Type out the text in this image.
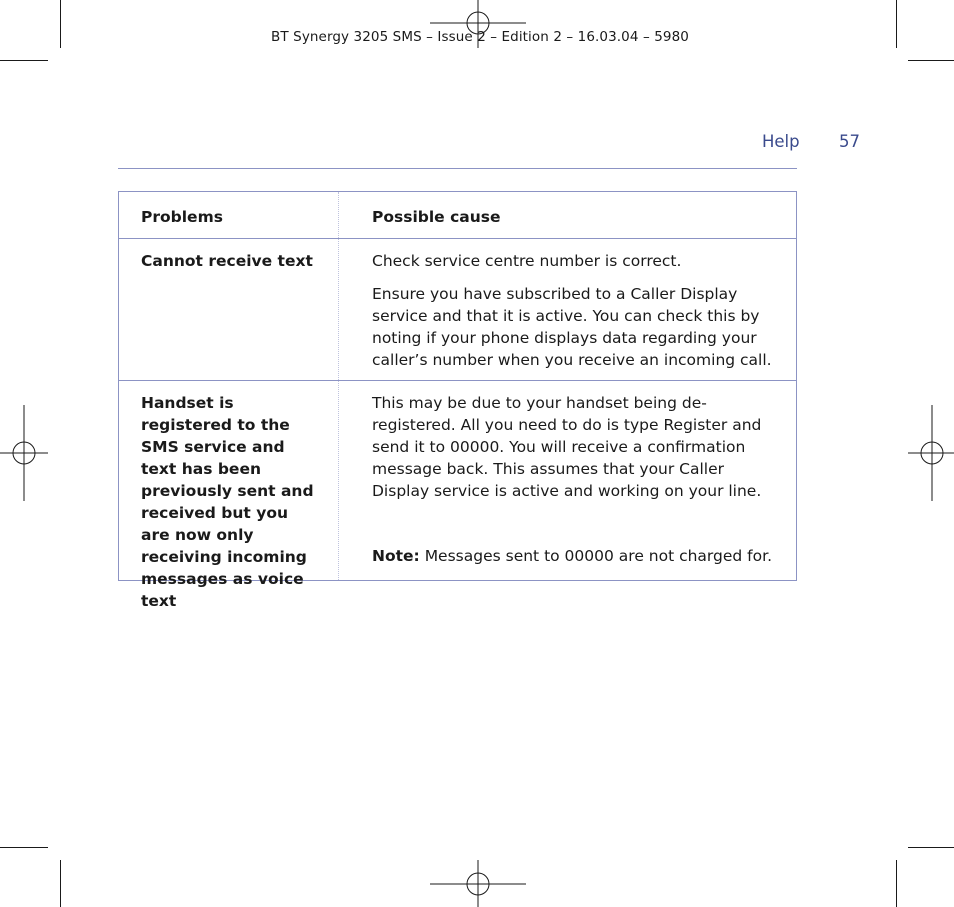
BT Synergy 3205 SMS – Issue 2 – Edition 2 – 16.03.04 – 5980
Help 57
Problems	Possible cause
Cannot receive text	Check service centre number is correct.

Ensure you have subscribed to a Caller Display service and that it is active. You can check this by noting if your phone displays data regarding your caller’s number when you receive an incoming call.

Handset is registered to the SMS service and text has been previously sent and received but you are now only receiving incoming messages as voice text

This may be due to your handset being de-registered. All you need to do is type Register and send it to 00000. You will receive a confirmation message back. This assumes that your Caller Display service is active and working on your line.

Note: Messages sent to 00000 are not charged for.
